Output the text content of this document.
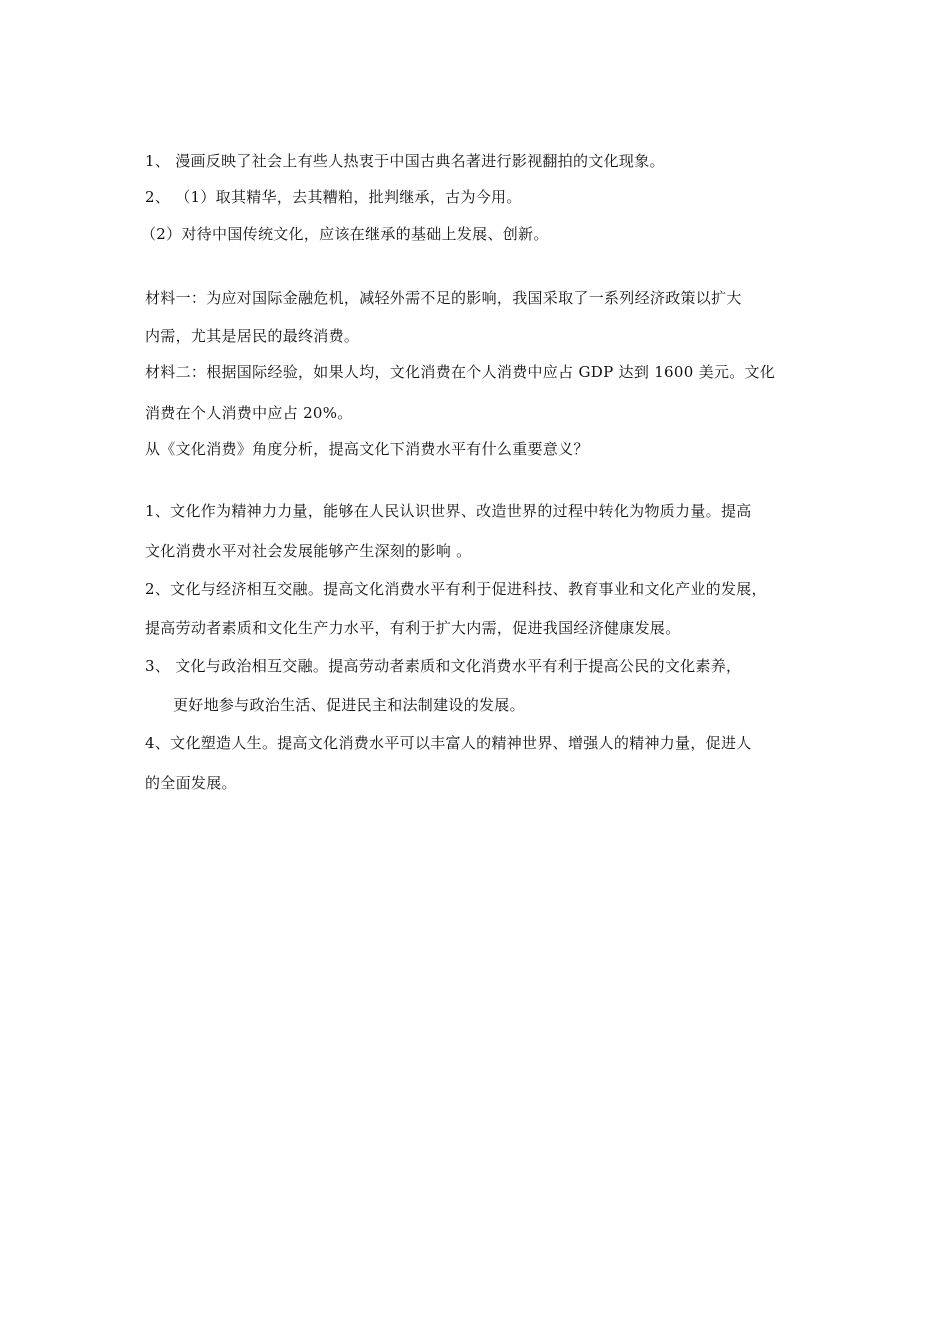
1、 漫画反映了社会上有些人热衷于中国古典名著进行影视翻拍的文化现象。
2、 （1）取其精华，去其糟粕，批判继承，古为今用。
（2）对待中国传统文化，应该在继承的基础上发展、创新。
材料一：为应对国际金融危机，减轻外需不足的影响，我国采取了一系列经济政策以扩大
内需，尤其是居民的最终消费。
材料二：根据国际经验，如果人均，文化消费在个人消费中应占 GDP 达到 1600 美元。文化
消费在个人消费中应占 20%。
从《文化消费》角度分析，提高文化下消费水平有什么重要意义？
1、文化作为精神力力量，能够在人民认识世界、改造世界的过程中转化为物质力量。提高
文化消费水平对社会发展能够产生深刻的影响 。
2、文化与经济相互交融。提高文化消费水平有利于促进科技、教育事业和文化产业的发展，
提高劳动者素质和文化生产力水平，有利于扩大内需，促进我国经济健康发展。
3、 文化与政治相互交融。提高劳动者素质和文化消费水平有利于提高公民的文化素养，
更好地参与政治生活、促进民主和法制建设的发展。
4、文化塑造人生。提高文化消费水平可以丰富人的精神世界、增强人的精神力量，促进人
的全面发展。
